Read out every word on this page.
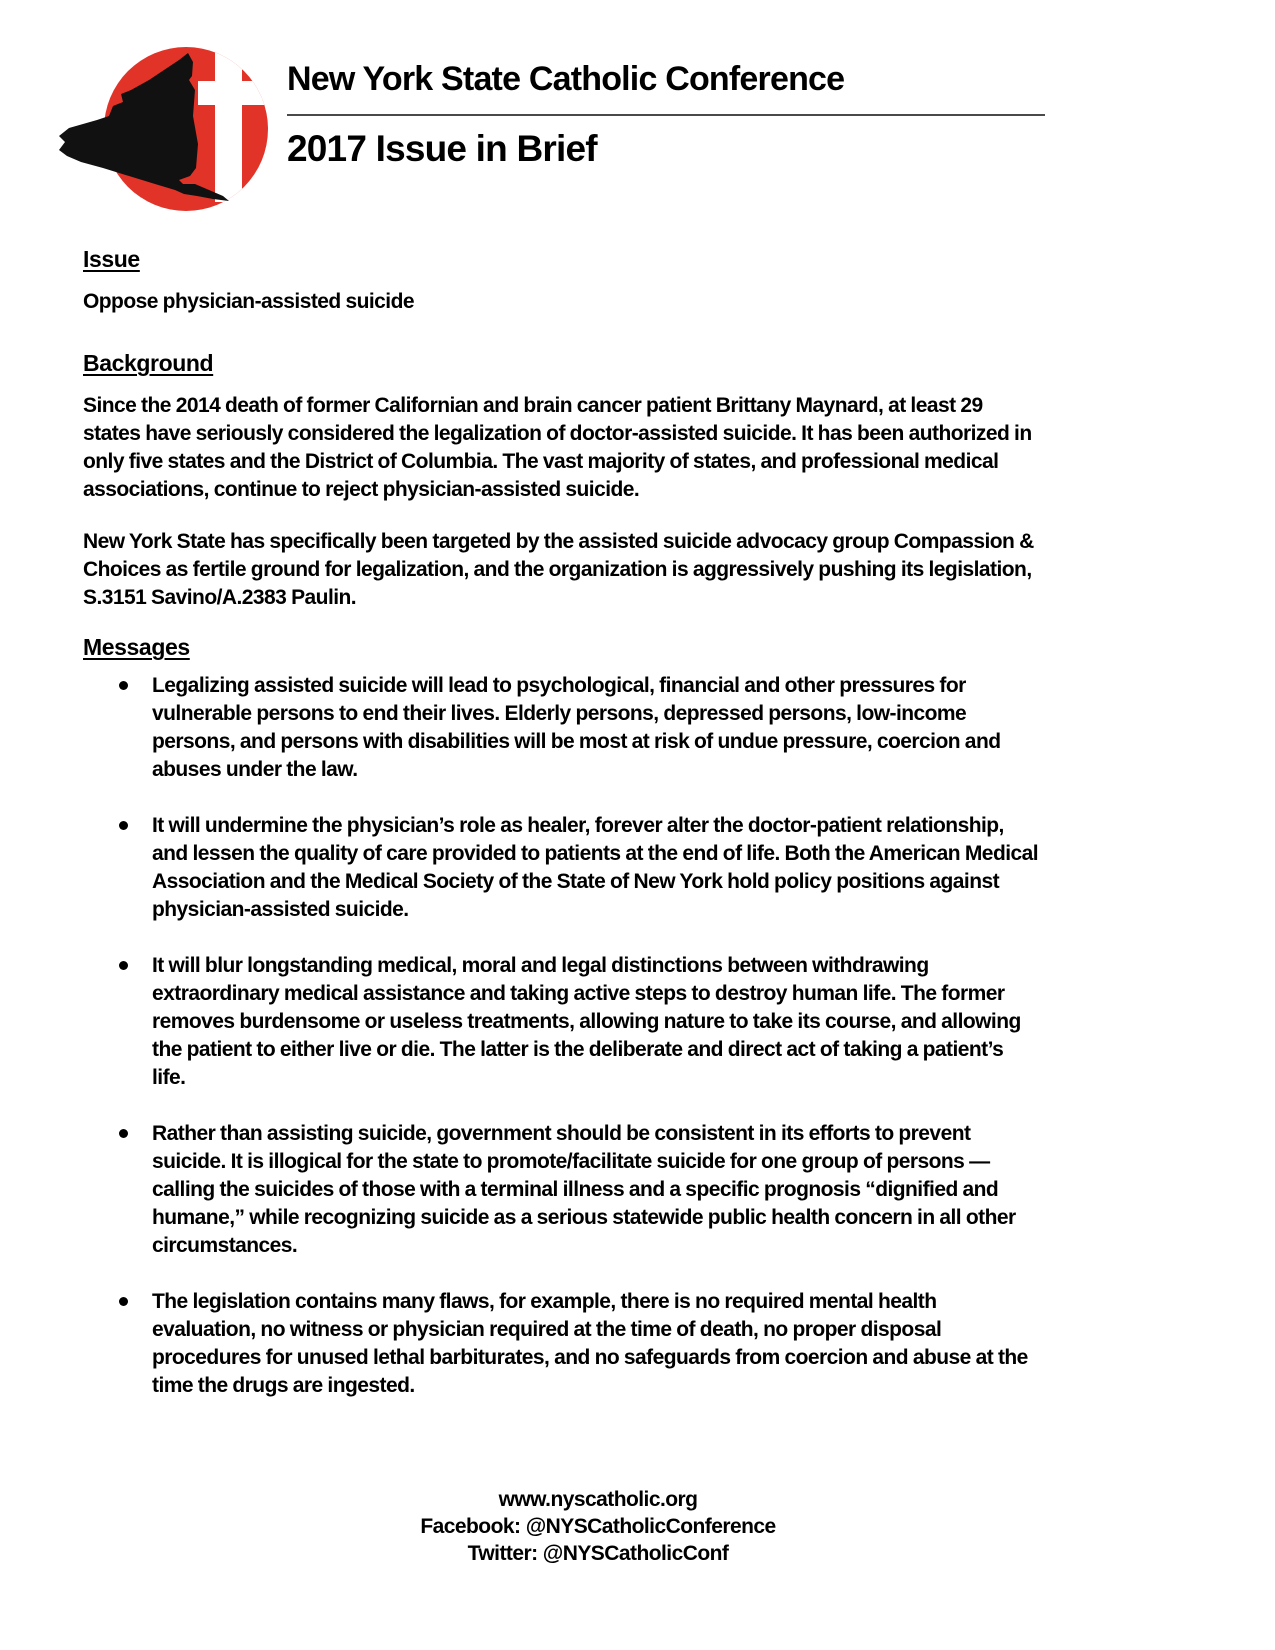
New York State Catholic Conference
2017 Issue in Brief
Issue

Oppose physician-assisted suicide

Background

Since the 2014 death of former Californian and brain cancer patient Brittany Maynard, at least 29 states have seriously considered the legalization of doctor-assisted suicide. It has been authorized in only five states and the District of Columbia. The vast majority of states, and professional medical associations, continue to reject physician-assisted suicide.

New York State has specifically been targeted by the assisted suicide advocacy group Compassion & Choices as fertile ground for legalization, and the organization is aggressively pushing its legislation, S.3151 Savino/A.2383 Paulin.

Messages
Legalizing assisted suicide will lead to psychological, financial and other pressures for vulnerable persons to end their lives. Elderly persons, depressed persons, low-income persons, and persons with disabilities will be most at risk of undue pressure, coercion and abuses under the law.
It will undermine the physician’s role as healer, forever alter the doctor-patient relationship, and lessen the quality of care provided to patients at the end of life. Both the American Medical Association and the Medical Society of the State of New York hold policy positions against physician-assisted suicide.
It will blur longstanding medical, moral and legal distinctions between withdrawing extraordinary medical assistance and taking active steps to destroy human life. The former removes burdensome or useless treatments, allowing nature to take its course, and allowing the patient to either live or die. The latter is the deliberate and direct act of taking a patient’s life.
Rather than assisting suicide, government should be consistent in its efforts to prevent suicide. It is illogical for the state to promote/facilitate suicide for one group of persons — calling the suicides of those with a terminal illness and a specific prognosis “dignified and humane,” while recognizing suicide as a serious statewide public health concern in all other circumstances.
The legislation contains many flaws, for example, there is no required mental health evaluation, no witness or physician required at the time of death, no proper disposal procedures for unused lethal barbiturates, and no safeguards from coercion and abuse at the time the drugs are ingested.
www.nyscatholic.org
Facebook: @NYSCatholicConference
Twitter: @NYSCatholicConf
